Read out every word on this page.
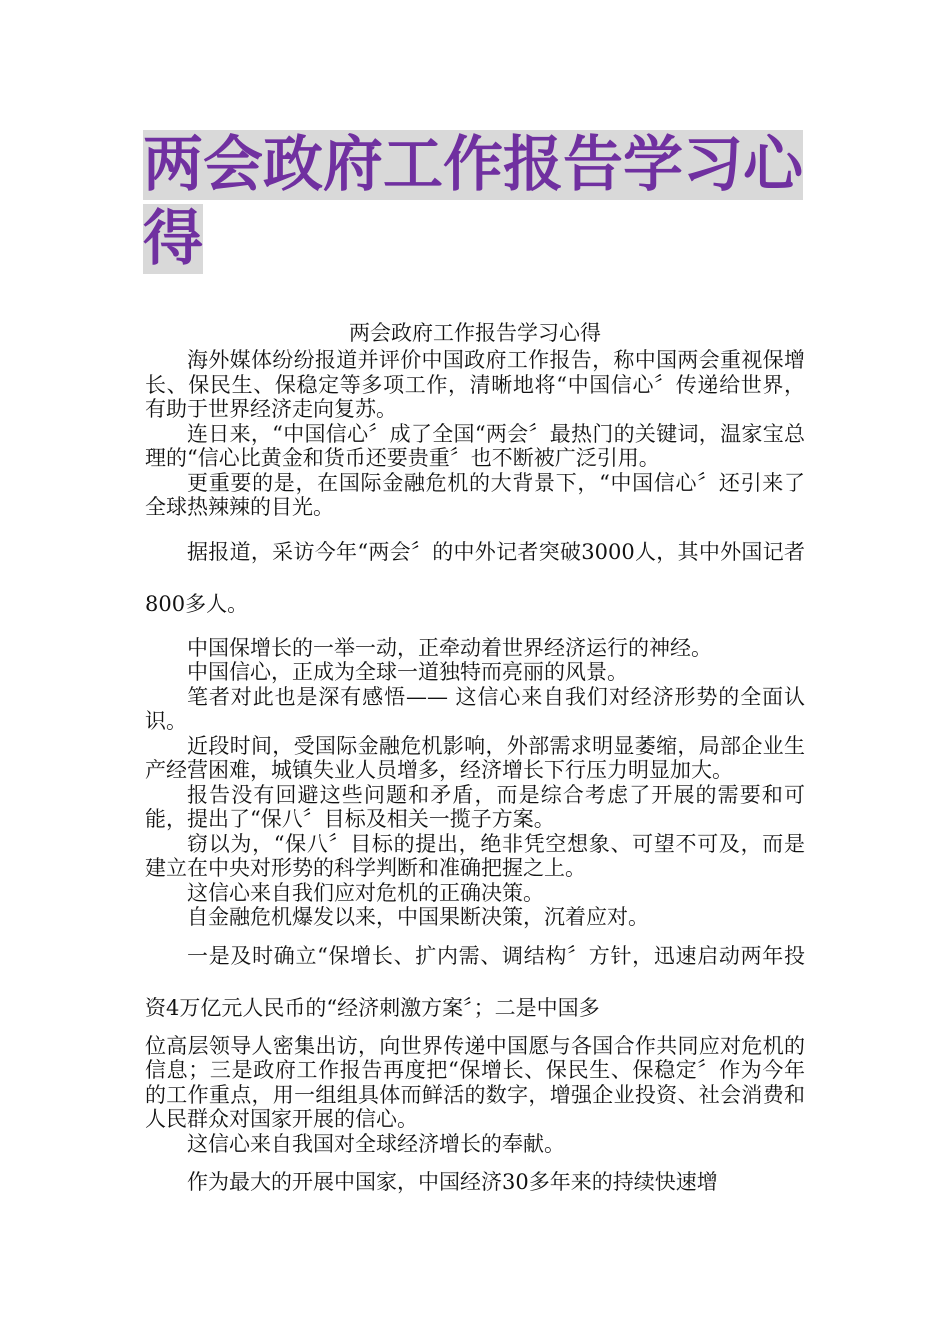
两会政府工作报告学习心得

两会政府工作报告学习心得

海外媒体纷纷报道并评价中国政府工作报告，称中国两会重视保增长、保民生、保稳定等多项工作，清晰地将“中国信心〞传递给世界，有助于世界经济走向复苏。

连日来，“中国信心〞成了全国“两会〞最热门的关键词，温家宝总理的“信心比黄金和货币还要贵重〞也不断被广泛引用。

更重要的是，在国际金融危机的大背景下，“中国信心〞还引来了全球热辣辣的目光。

据报道，采访今年“两会〞的中外记者突破3000人，其中外国记者800多人。

中国保增长的一举一动，正牵动着世界经济运行的神经。

中国信心，正成为全球一道独特而亮丽的风景。

笔者对此也是深有感悟—— 这信心来自我们对经济形势的全面认识。

近段时间，受国际金融危机影响，外部需求明显萎缩，局部企业生产经营困难，城镇失业人员增多，经济增长下行压力明显加大。

报告没有回避这些问题和矛盾，而是综合考虑了开展的需要和可能，提出了“保八〞目标及相关一揽子方案。

窃以为，“保八〞目标的提出，绝非凭空想象、可望不可及，而是建立在中央对形势的科学判断和准确把握之上。

这信心来自我们应对危机的正确决策。

自金融危机爆发以来，中国果断决策，沉着应对。

一是及时确立“保增长、扩内需、调结构〞方针，迅速启动两年投资4万亿元人民币的“经济刺激方案〞；二是中国多

位高层领导人密集出访，向世界传递中国愿与各国合作共同应对危机的信息；三是政府工作报告再度把“保增长、保民生、保稳定〞作为今年的工作重点，用一组组具体而鲜活的数字，增强企业投资、社会消费和人民群众对国家开展的信心。

这信心来自我国对全球经济增长的奉献。

作为最大的开展中国家，中国经济30多年来的持续快速增
